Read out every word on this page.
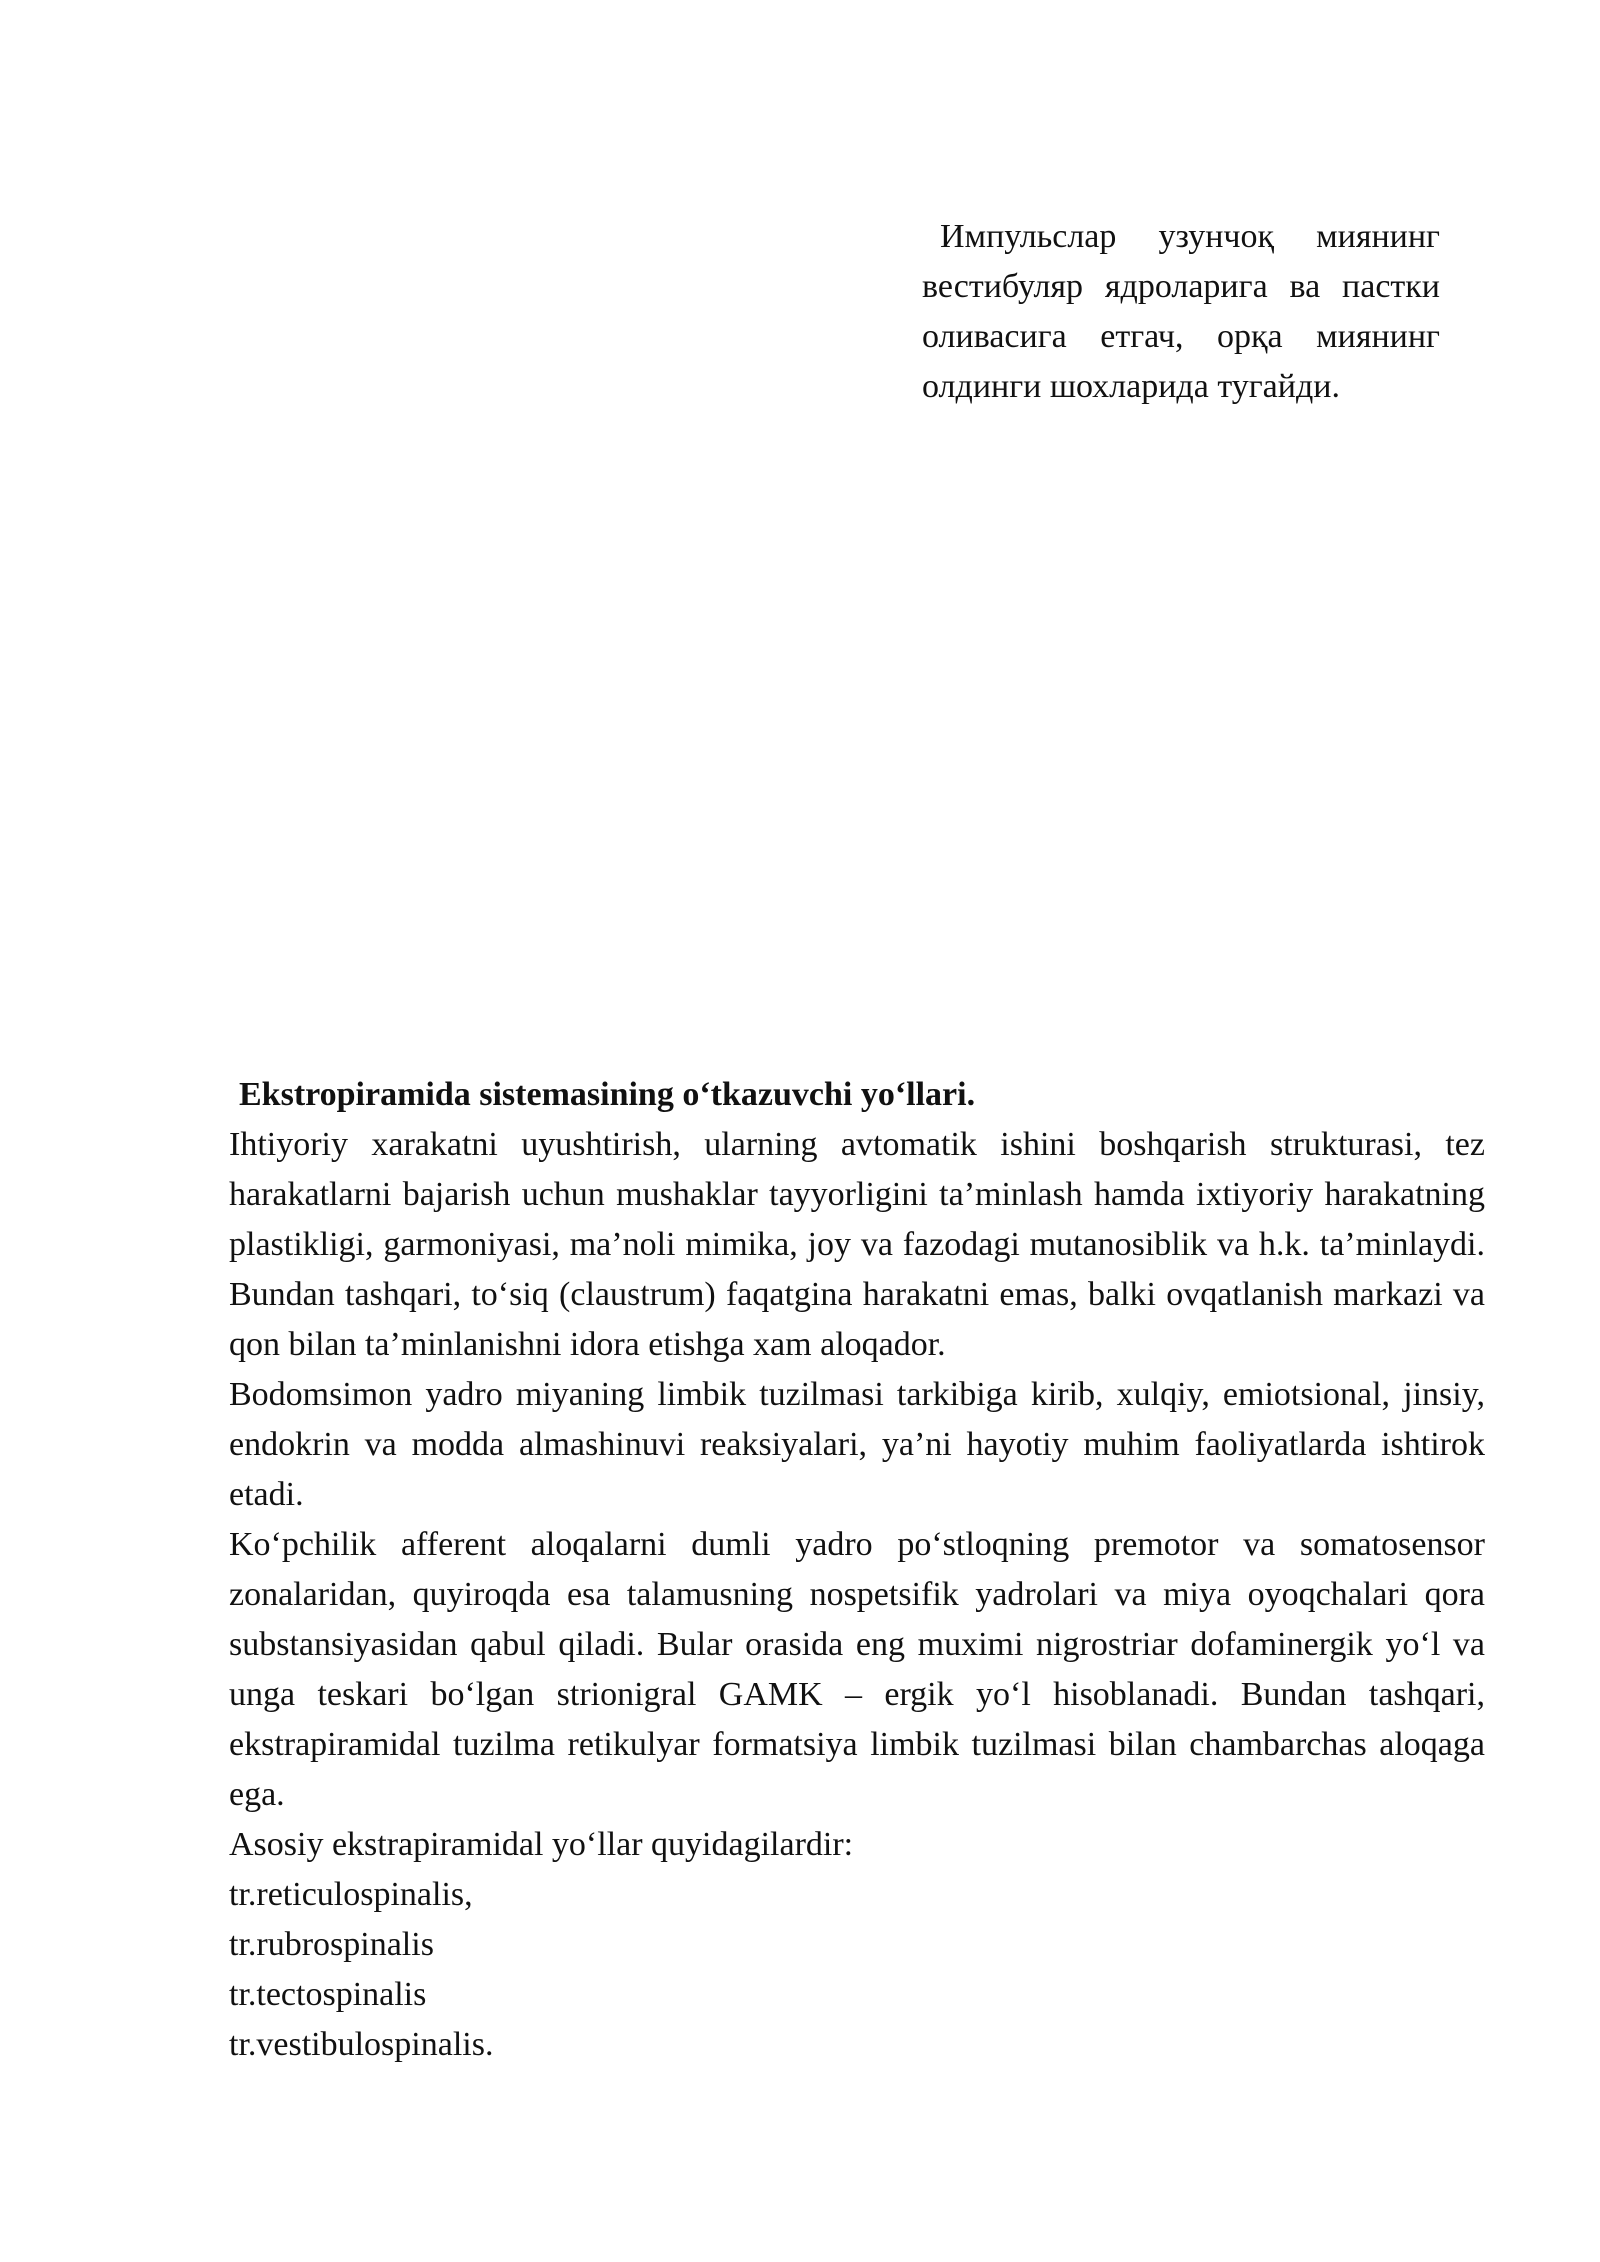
Импульслар узунчоқ миянинг вестибуляр ядроларига ва пастки оливасига етгач, орқа миянинг олдинги шохларида тугайди.

Ekstropiramida sistemasining o‘tkazuvchi yo‘llari.

Ihtiyoriy xarakatni uyushtirish, ularning avtomatik ishini boshqarish strukturasi, tez harakatlarni bajarish uchun mushaklar tayyorligini ta’minlash hamda ixtiyoriy harakatning plastikligi, garmoniyasi, ma’noli mimika, joy va fazodagi mutanosiblik va h.k. ta’minlaydi. Bundan tashqari, to‘siq (claustrum) faqatgina harakatni emas, balki ovqatlanish markazi va qon bilan ta’minlanishni idora etishga xam aloqador.

Bodomsimon yadro miyaning limbik tuzilmasi tarkibiga kirib, xulqiy, emiotsional, jinsiy, endokrin va modda almashinuvi reaksiyalari, ya’ni hayotiy muhim faoliyatlarda ishtirok etadi.

Ko‘pchilik afferent aloqalarni dumli yadro po‘stloqning premotor va somatosensor zonalaridan, quyiroqda esa talamusning nospetsifik yadrolari va miya oyoqchalari qora substansiyasidan qabul qiladi. Bular orasida eng muximi nigrostriar dofaminergik yo‘l va unga teskari bo‘lgan strionigral GAMK – ergik yo‘l hisoblanadi. Bundan tashqari, ekstrapiramidal tuzilma retikulyar formatsiya limbik tuzilmasi bilan chambarchas aloqaga ega.

Asosiy ekstrapiramidal yo‘llar quyidagilardir:

tr.reticulospinalis,
tr.rubrospinalis
tr.tectospinalis
tr.vestibulospinalis.
